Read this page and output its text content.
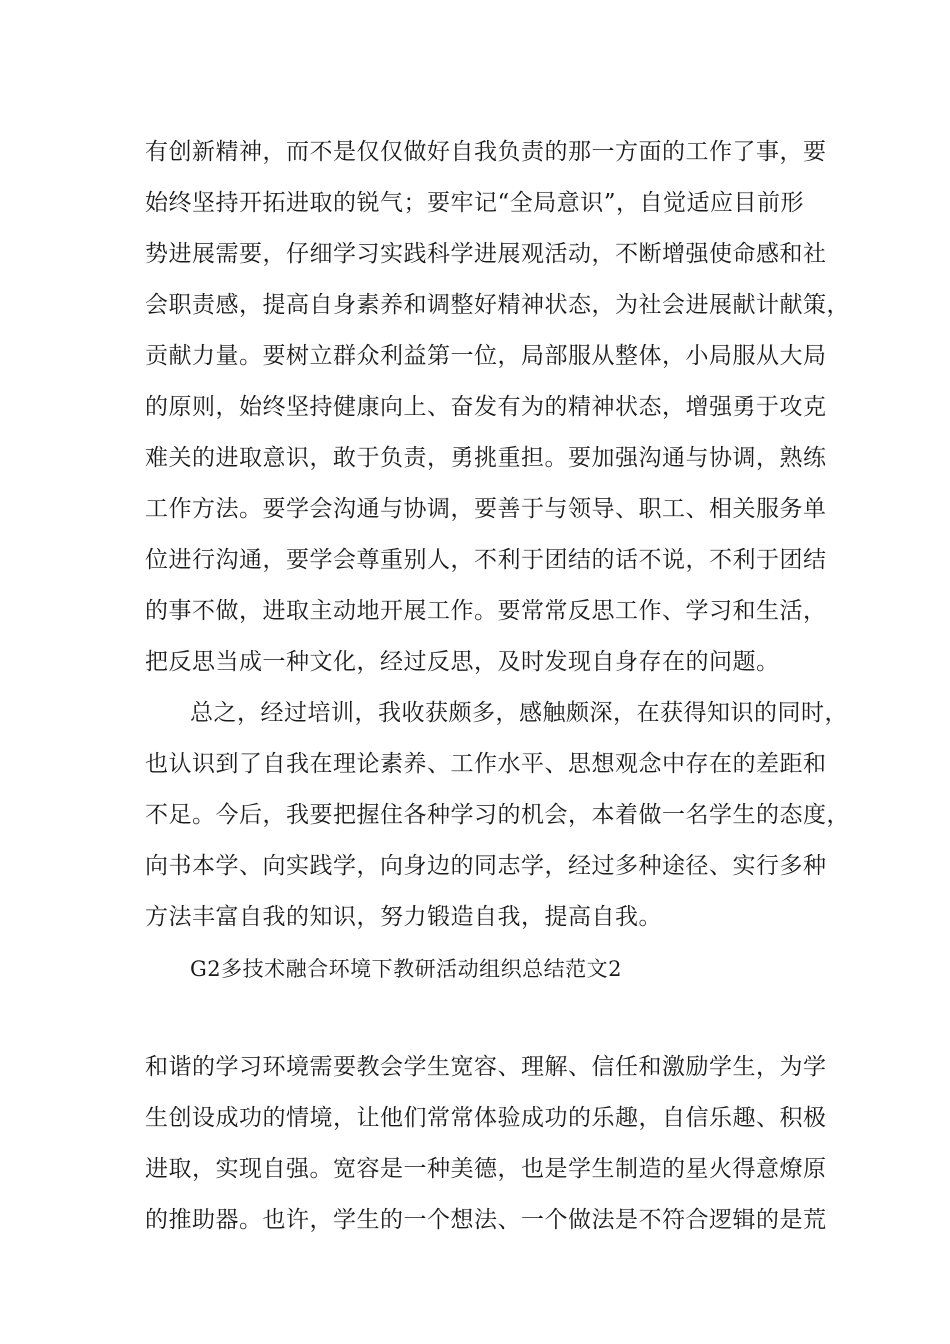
有创新精神，而不是仅仅做好自我负责的那一方面的工作了事，要
始终坚持开拓进取的锐气；要牢记“全局意识”，自觉适应目前形
势进展需要，仔细学习实践科学进展观活动，不断增强使命感和社
会职责感，提高自身素养和调整好精神状态，为社会进展献计献策，
贡献力量。要树立群众利益第一位，局部服从整体，小局服从大局
的原则，始终坚持健康向上、奋发有为的精神状态，增强勇于攻克
难关的进取意识，敢于负责，勇挑重担。要加强沟通与协调，熟练
工作方法。要学会沟通与协调，要善于与领导、职工、相关服务单
位进行沟通，要学会尊重别人，不利于团结的话不说，不利于团结
的事不做，进取主动地开展工作。要常常反思工作、学习和生活，
把反思当成一种文化，经过反思，及时发现自身存在的问题。
总之，经过培训，我收获颇多，感触颇深，在获得知识的同时，
也认识到了自我在理论素养、工作水平、思想观念中存在的差距和
不足。今后，我要把握住各种学习的机会，本着做一名学生的态度，
向书本学、向实践学，向身边的同志学，经过多种途径、实行多种
方法丰富自我的知识，努力锻造自我，提高自我。
G2多技术融合环境下教研活动组织总结范文2
和谐的学习环境需要教会学生宽容、理解、信任和激励学生，为学
生创设成功的情境，让他们常常体验成功的乐趣，自信乐趣、积极
进取，实现自强。宽容是一种美德，也是学生制造的星火得意燎原
的推助器。也许，学生的一个想法、一个做法是不符合逻辑的是荒
